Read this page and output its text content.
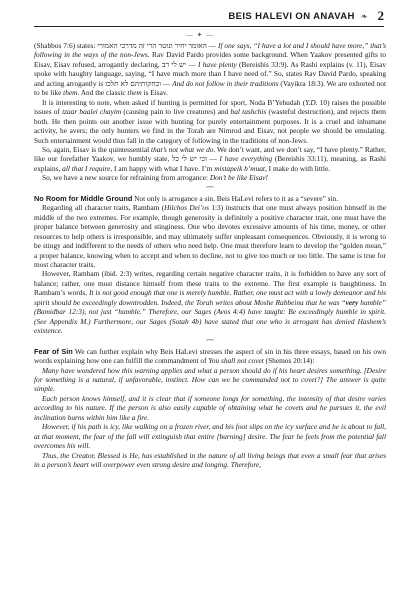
BEIS HALEVI ON ANAVAH ❧ 2
— ✦ —

(Shabbos 7:6) states: האומר יחיר ונוטר הרי זה מדרכי האמורי — If one says, “I have a lot and I should have more,” that’s following in the ways of the non-Jews. Rav David Pardo provides some background. When Yaakov presented gifts to Eisav, Eisav refused, arrogantly declaring, יש לי רב — I have plenty (Bereishis 33:9). As Rashi explains (v. 11), Eisav spoke with haughty language, saying, “I have much more than I have need of.” So, states Rav David Pardo, speaking and acting arrogantly is ובחקותיהם לא תלכו — And do not follow in their traditions (Vayikra 18:3). We are exhorted not to be like them. And the classic them is Eisav.

It is interesting to note, when asked if hunting is permitted for sport, Noda B’Yehudah (Y.D. 10) raises the possible issues of tzaar baalei chayim (causing pain to live creatures) and bal tashchis (wasteful destruction), and rejects them both. He then points out another issue with hunting for purely entertainment purposes. It is a cruel and inhumane activity, he avers; the only hunters we find in the Torah are Nimrod and Eisav, not people we should be emulating. Such entertainment would thus fall in the category of following in the traditions of non-Jews.

So, again, Eisav is the quintessential that’s not what we do. We don’t want, and we don’t say, “I have plenty.” Rather, like our forefather Yaakov, we humbly state, וכי יש לי כל — I have everything (Bereishis 33:11), meaning, as Rashi explains, all that I require, I am happy with what I have. I’m mistapeik b’muat, I make do with little.

So, we have a new source for refraining from arrogance: Don’t be like Eisav!

·•••·

No Room for Middle Ground Not only is arrogance a sin, Beis HaLevi refers to it as a “severe” sin.

Regarding all character traits, Rambam (Hilchos Dei’os 1:3) instructs that one must always position himself in the middle of the two extremes. For example, though generosity is definitely a positive character trait, one must have the proper balance between generosity and stinginess. One who devotes excessive amounts of his time, money, or other resources to help others is irresponsible, and may ultimately suffer unpleasant consequences. Obviously, it is wrong to be stingy and indifferent to the needs of others who need help. One must therefore learn to develop the “golden mean,” a proper balance, knowing when to accept and when to decline, not to give too much or too little. The same is true for most character traits.

However, Rambam (ibid. 2:3) writes, regarding certain negative character traits, it is forbidden to have any sort of balance; rather, one must distance himself from these traits to the extreme. The first example is haughtiness. In Rambam’s words, It is not good enough that one is merely humble. Rather, one must act with a lowly demeanor and his spirit should be exceedingly downtrodden. Indeed, the Torah writes about Moshe Rabbeinu that he was “very humble” (Bamidbar 12:3), not just “humble.” Therefore, our Sages (Avos 4:4) have taught: Be exceedingly humble in spirit. (See Appendix M.) Furthermore, our Sages (Sotah 4b) have stated that one who is arrogant has denied Hashem’s existence.

·•••·

Fear of Sin We can further explain why Beis HaLevi stresses the aspect of sin in his three essays, based on his own words explaining how one can fulfill the commandment of You shall not covet (Shemos 20:14):

Many have wondered how this warning applies and what a person should do if his heart desires something. [Desire for something is a natural, if unfavorable, instinct. How can we be commanded not to covet?] The answer is quite simple.

Each person knows himself, and it is clear that if someone longs for something, the intensity of that desire varies according to his nature. If the person is also easily capable of obtaining what he covets and he pursues it, the evil inclination burns within him like a fire.

However, if his path is icy, like walking on a frozen river, and his foot slips on the icy surface and he is about to fall, at that moment, the fear of the fall will extinguish that entire [burning] desire. The fear he feels from the potential fall overcomes his will.

Thus, the Creator, Blessed is He, has established in the nature of all living beings that even a small fear that arises in a person’s heart will overpower even strong desire and longing. Therefore,
